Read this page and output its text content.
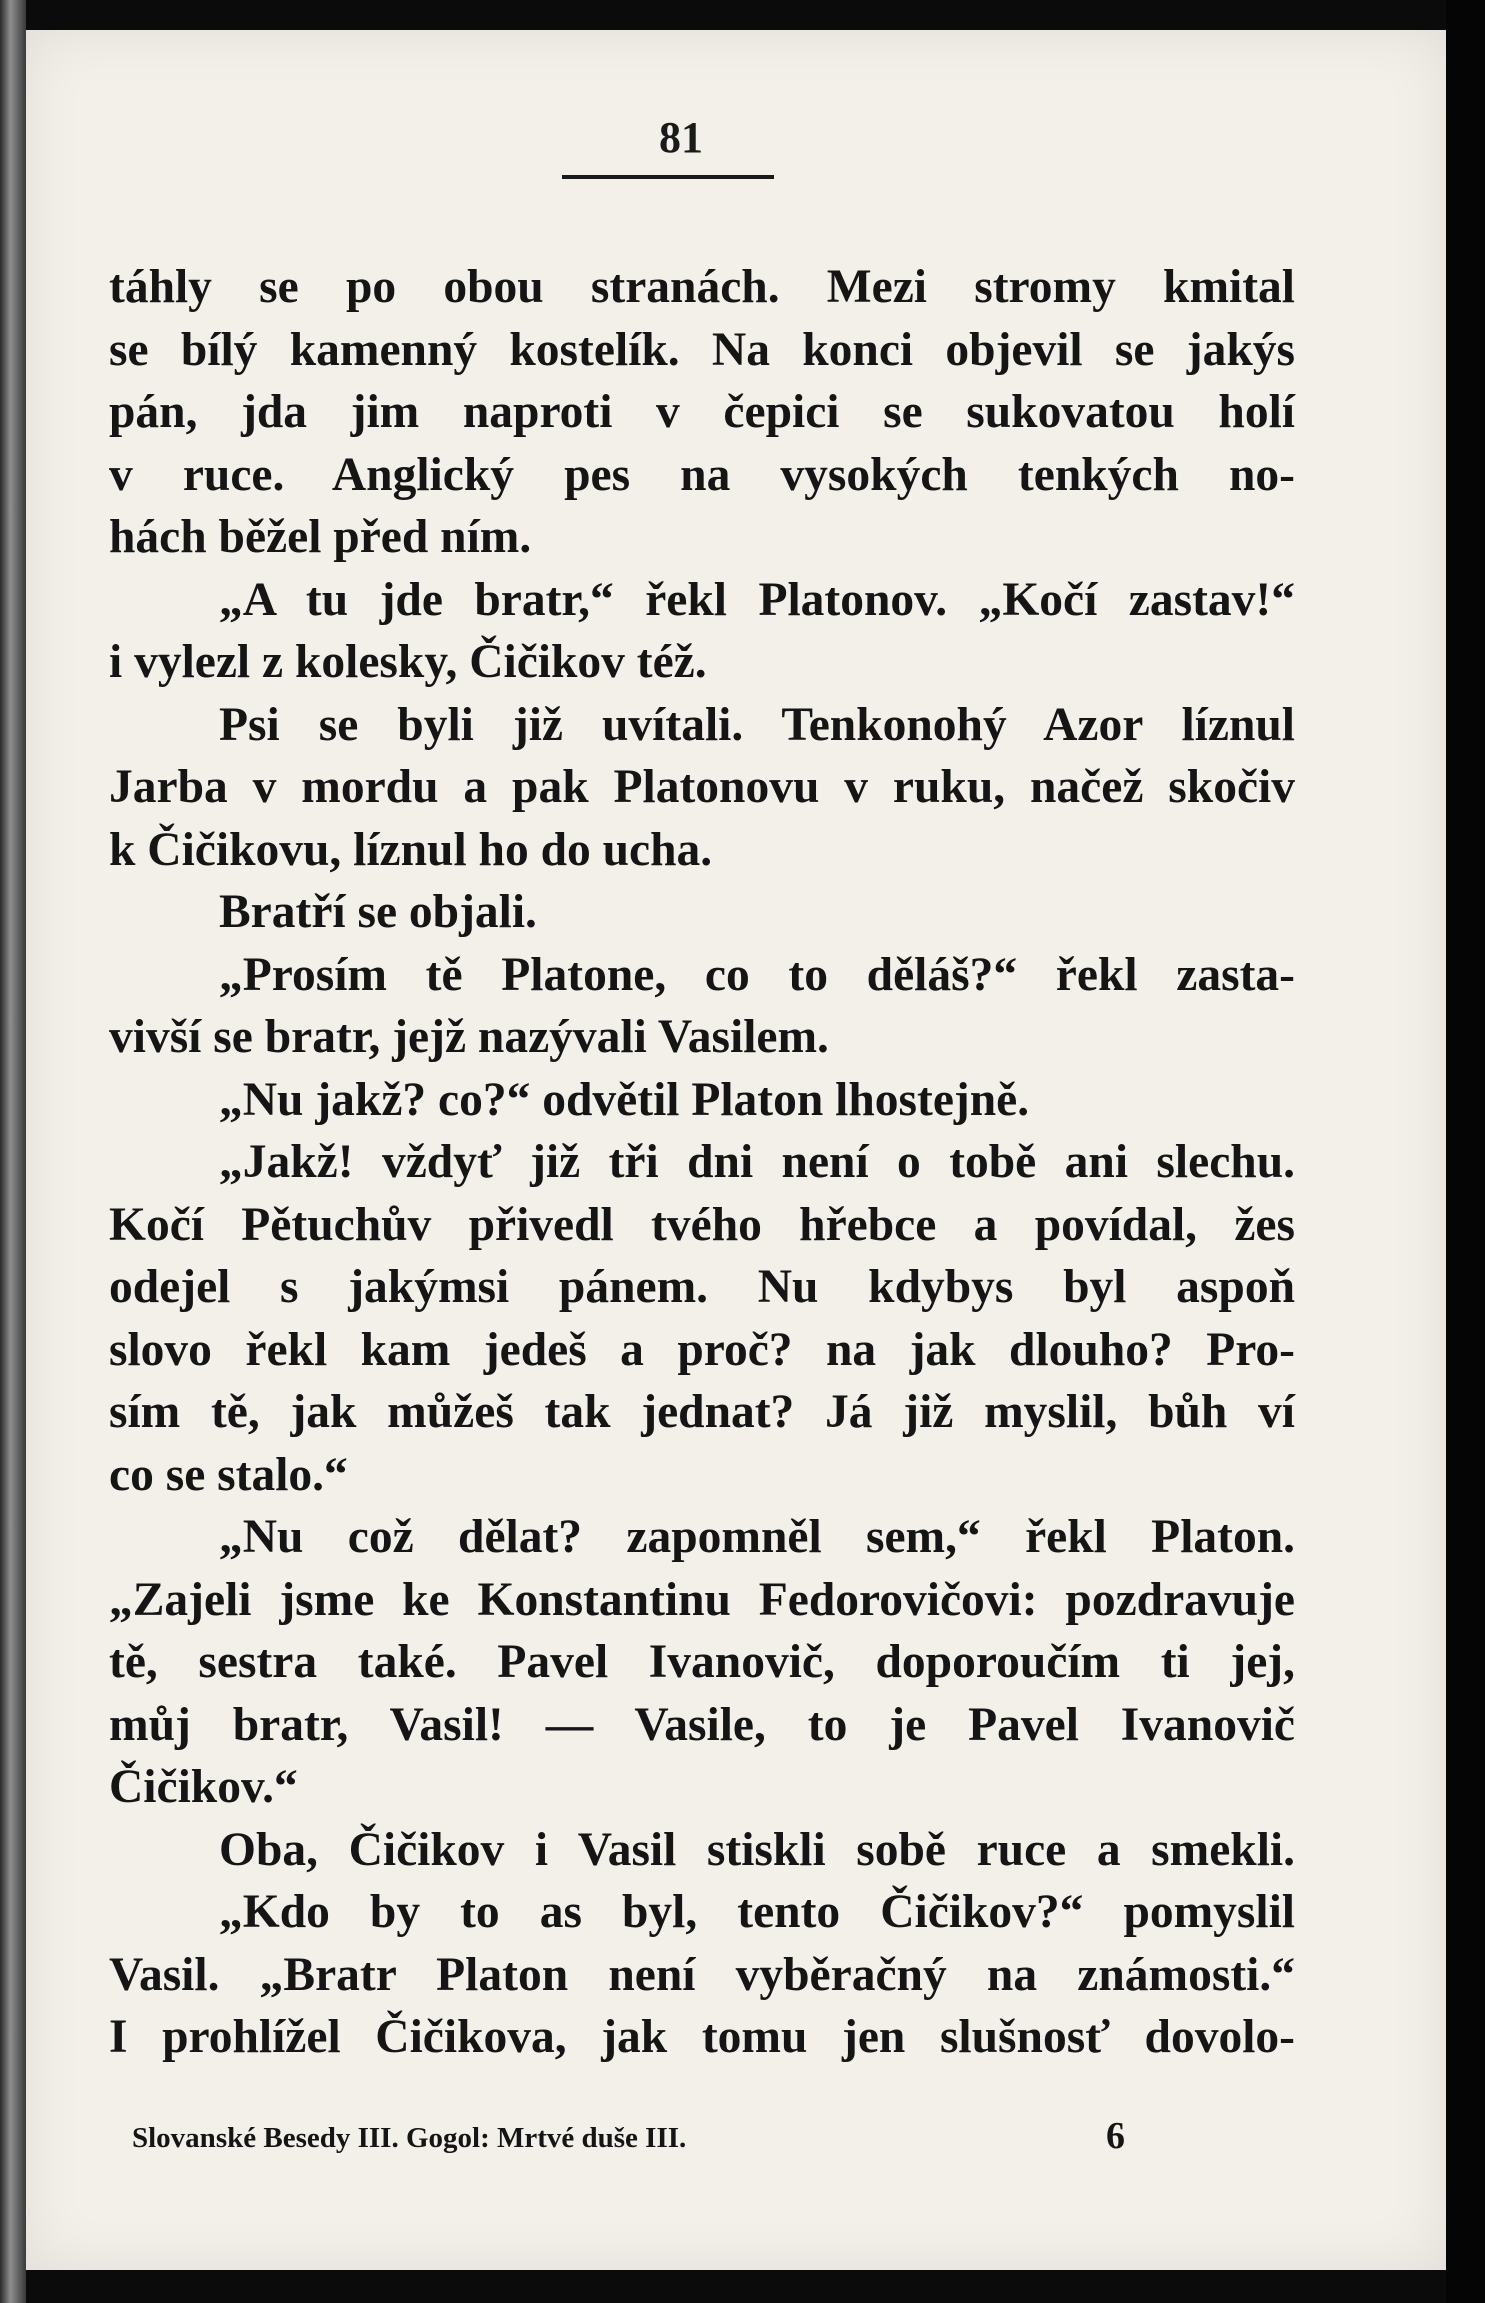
81
táhly se po obou stranách. Mezi stromy kmital
se bílý kamenný kostelík. Na konci objevil se jakýs
pán, jda jim naproti v čepici se sukovatou holí
v ruce. Anglický pes na vysokých tenkých no-
hách běžel před ním.
„A tu jde bratr,“ řekl Platonov. „Kočí zastav!“
i vylezl z kolesky, Čičikov též.
Psi se byli již uvítali. Tenkonohý Azor líznul
Jarba v mordu a pak Platonovu v ruku, načež skočiv
k Čičikovu, líznul ho do ucha.
Bratří se objali.
„Prosím tě Platone, co to děláš?“ řekl zasta-
vivší se bratr, jejž nazývali Vasilem.
„Nu jakž? co?“ odvětil Platon lhostejně.
„Jakž! vždyť již tři dni není o tobě ani slechu.
Kočí Pětuchův přivedl tvého hřebce a povídal, žes
odejel s jakýmsi pánem. Nu kdybys byl aspoň
slovo řekl kam jedeš a proč? na jak dlouho? Pro-
sím tě, jak můžeš tak jednat? Já již myslil, bůh ví
co se stalo.“
„Nu což dělat? zapomněl sem,“ řekl Platon.
„Zajeli jsme ke Konstantinu Fedorovičovi: pozdravuje
tě, sestra také. Pavel Ivanovič, doporoučím ti jej,
můj bratr, Vasil! — Vasile, to je Pavel Ivanovič
Čičikov.“
Oba, Čičikov i Vasil stiskli sobě ruce a smekli.
„Kdo by to as byl, tento Čičikov?“ pomyslil
Vasil. „Bratr Platon není vyběračný na známosti.“
I prohlížel Čičikova, jak tomu jen slušnosť dovolo-
Slovanské Besedy III. Gogol: Mrtvé duše III.	6
